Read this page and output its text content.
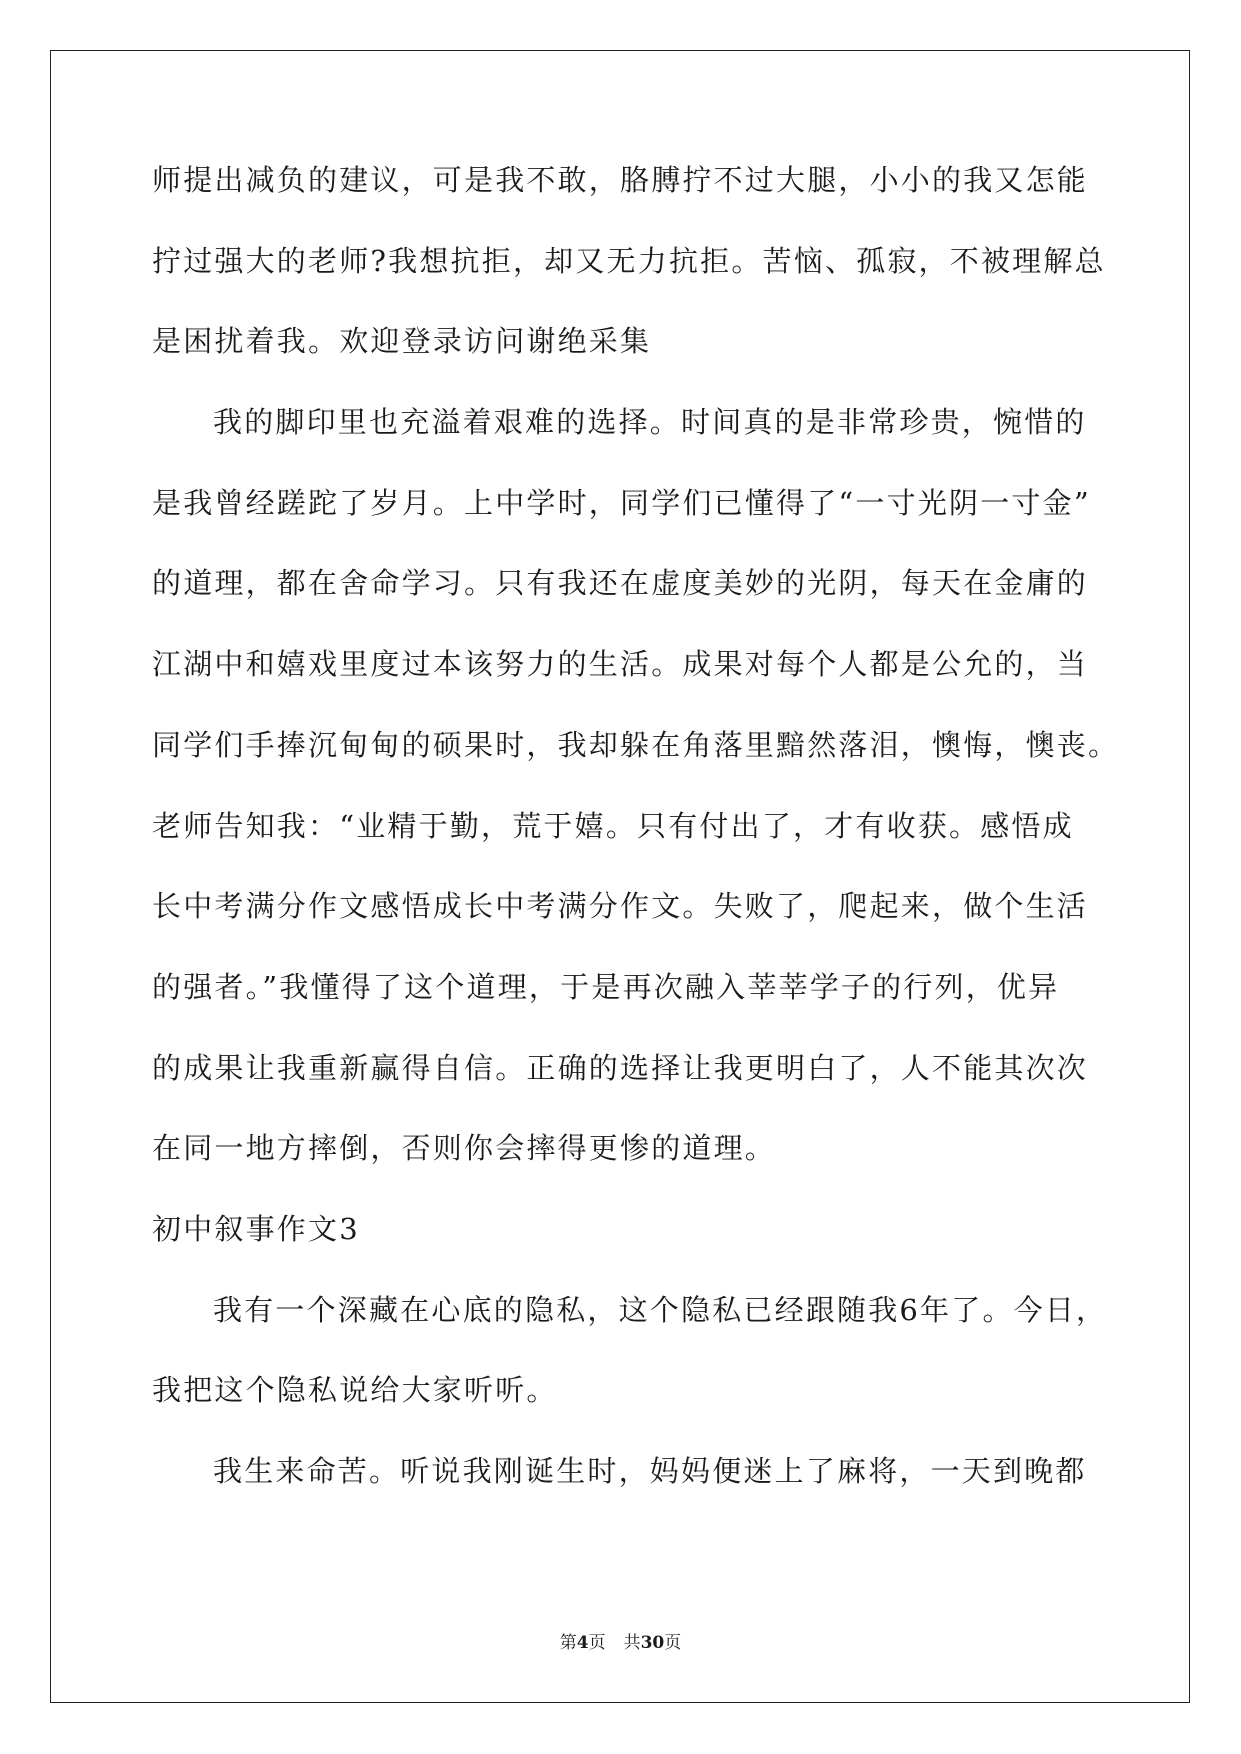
师提出减负的建议，可是我不敢，胳膊拧不过大腿，小小的我又怎能
拧过强大的老师?我想抗拒，却又无力抗拒。苦恼、孤寂，不被理解总
是困扰着我。欢迎登录访问谢绝采集
我的脚印里也充溢着艰难的选择。时间真的是非常珍贵，惋惜的
是我曾经蹉跎了岁月。上中学时，同学们已懂得了“一寸光阴一寸金”
的道理，都在舍命学习。只有我还在虚度美妙的光阴，每天在金庸的
江湖中和嬉戏里度过本该努力的生活。成果对每个人都是公允的，当
同学们手捧沉甸甸的硕果时，我却躲在角落里黯然落泪，懊悔，懊丧。
老师告知我：“业精于勤，荒于嬉。只有付出了，才有收获。感悟成
长中考满分作文感悟成长中考满分作文。失败了，爬起来，做个生活
的强者。”我懂得了这个道理，于是再次融入莘莘学子的行列，优异
的成果让我重新赢得自信。正确的选择让我更明白了，人不能其次次
在同一地方摔倒，否则你会摔得更惨的道理。
初中叙事作文3
我有一个深藏在心底的隐私，这个隐私已经跟随我6年了。今日，
我把这个隐私说给大家听听。
我生来命苦。听说我刚诞生时，妈妈便迷上了麻将，一天到晚都
第4页 共30页
